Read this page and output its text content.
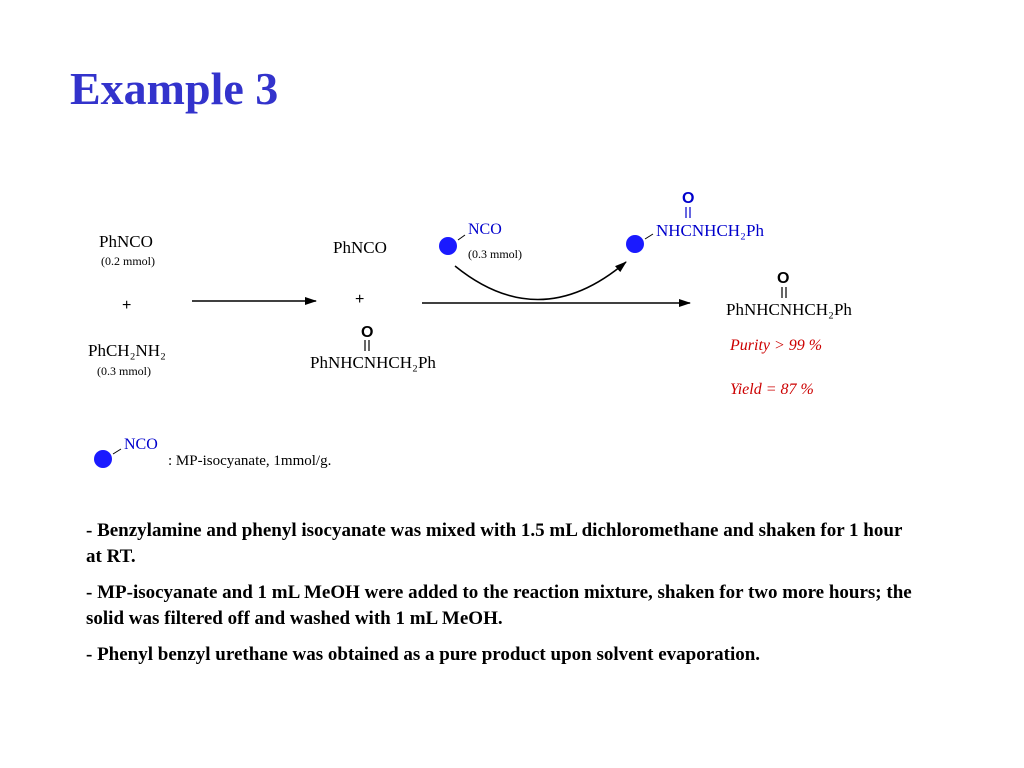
Example 3
PhNCO
(0.2 mmol)
+
PhCH₂NH₂
(0.3 mmol)
PhNCO
+
O
PhNHCNHCH₂Ph
NCO
(0.3 mmol)
O
NHCNHCH₂Ph
O
PhNHCNHCH₂Ph
Purity > 99 %
Yield = 87 %
NCO
: MP-isocyanate, 1mmol/g.

- Benzylamine and phenyl isocyanate was mixed with 1.5 mL dichloromethane and shaken for 1 hour at RT.

- MP-isocyanate and 1 mL MeOH were added to the reaction mixture, shaken for two more hours; the solid was filtered off and washed with 1 mL MeOH.

- Phenyl benzyl urethane was obtained as a pure product upon solvent evaporation.
